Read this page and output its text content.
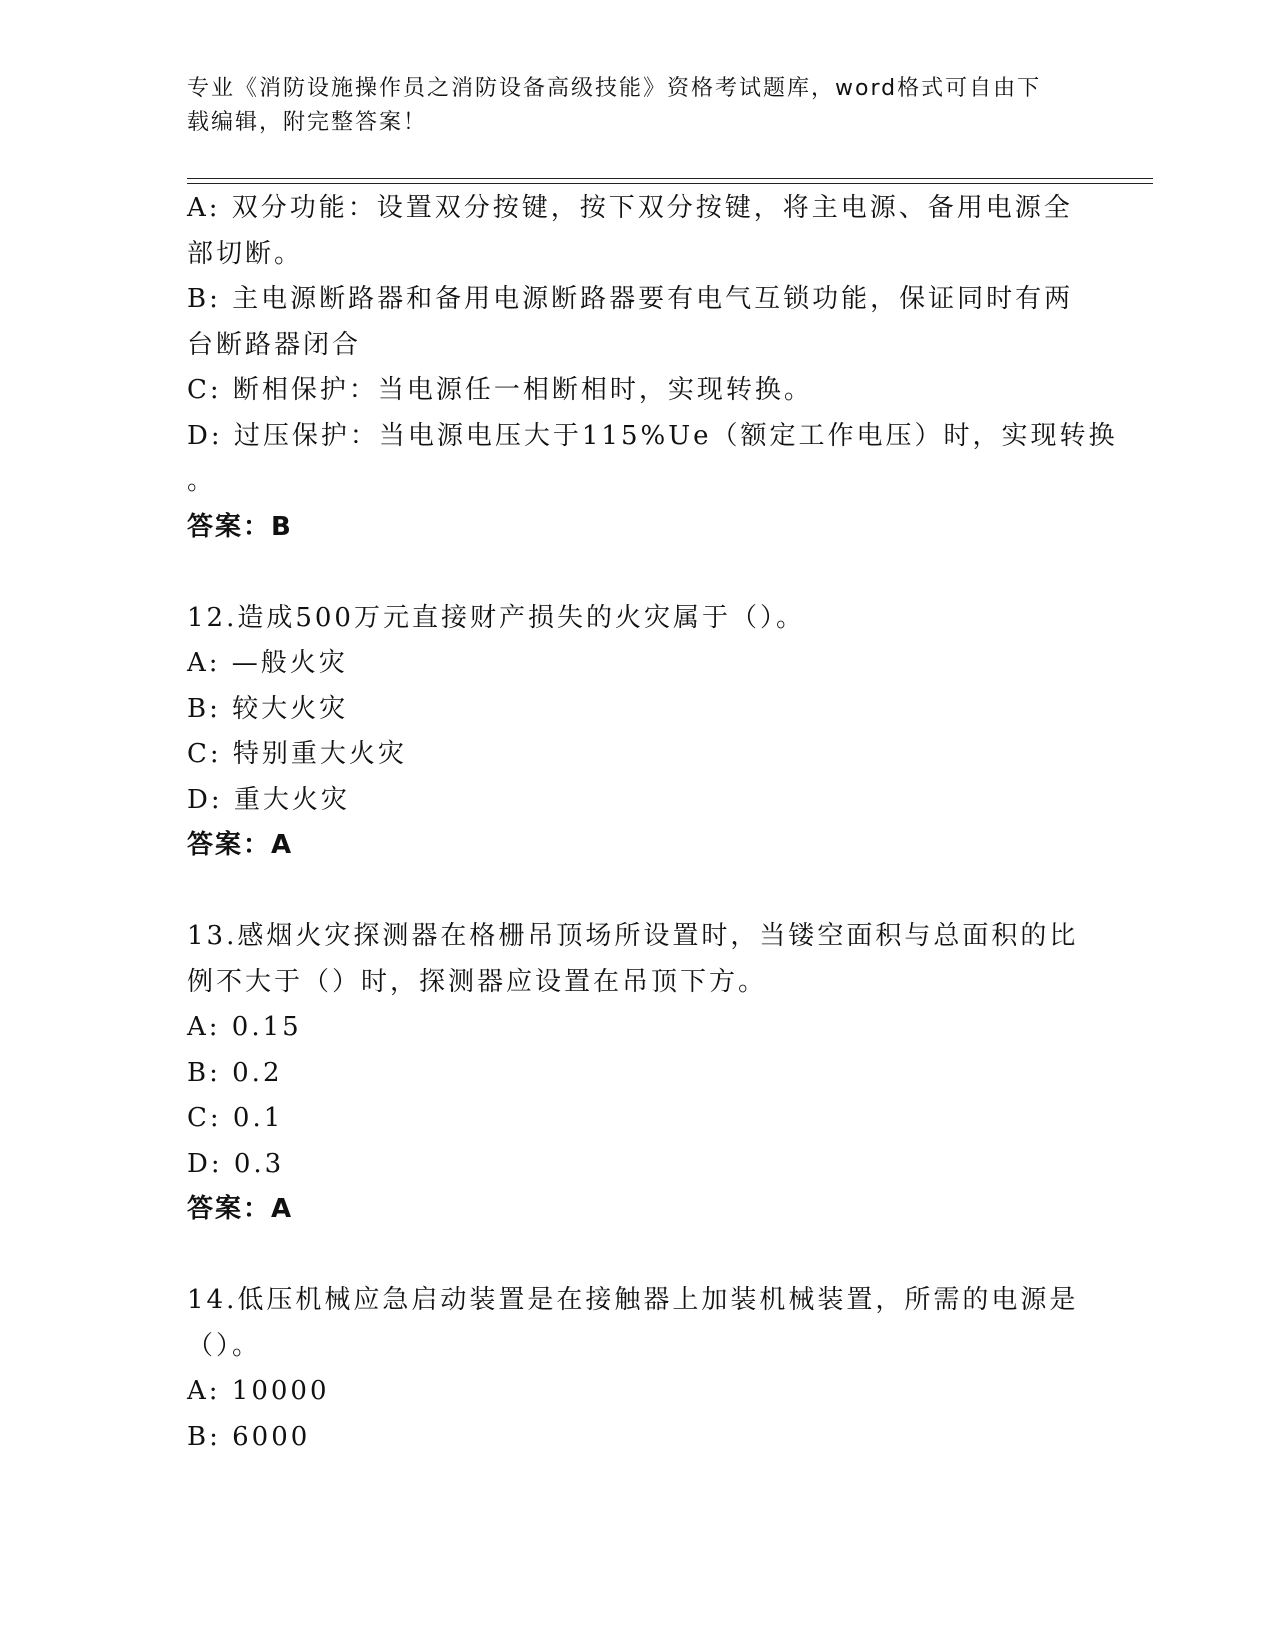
专业《消防设施操作员之消防设备高级技能》资格考试题库，word格式可自由下
载编辑，附完整答案！
A: 双分功能：设置双分按键，按下双分按键，将主电源、备用电源全
部切断。
B: 主电源断路器和备用电源断路器要有电气互锁功能，保证同时有两
台断路器闭合
C: 断相保护：当电源任一相断相时，实现转换。
D: 过压保护：当电源电压大于115%Ue（额定工作电压）时，实现转换
。
答案：B
12.造成500万元直接财产损失的火灾属于（）。
A: —般火灾
B: 较大火灾
C: 特别重大火灾
D: 重大火灾
答案：A
13.感烟火灾探测器在格栅吊顶场所设置时，当镂空面积与总面积的比
例不大于（）时，探测器应设置在吊顶下方。
A: 0.15
B: 0.2
C: 0.1
D: 0.3
答案：A
14.低压机械应急启动装置是在接触器上加装机械装置，所需的电源是
（）。
A: 10000
B: 6000
